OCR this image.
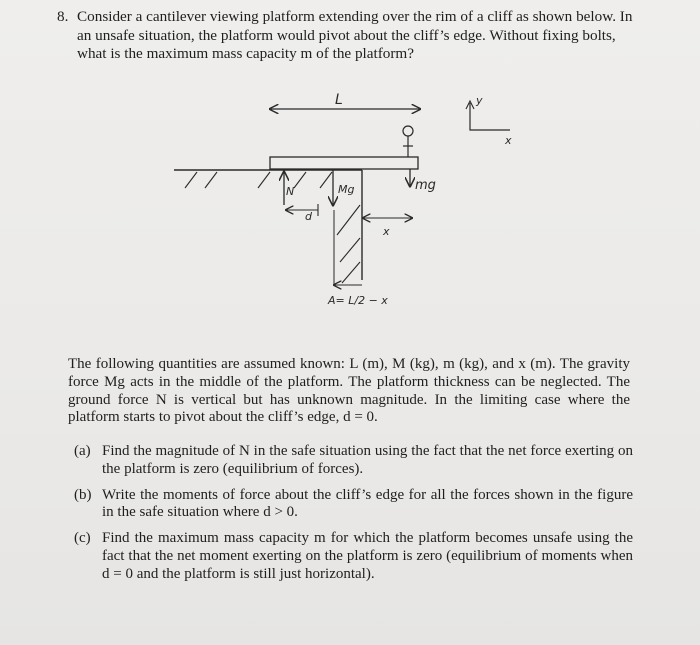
8. Consider a cantilever viewing platform extending over the rim of a cliff as shown below. In an unsafe situation, the platform would pivot about the cliff’s edge. Without fixing bolts, what is the maximum mass capacity m of the platform?
L	y
x
N	Mg	mg
d
x
A= L/2 − x
The following quantities are assumed known: L (m), M (kg), m (kg), and x (m). The gravity force Mg acts in the middle of the platform. The platform thickness can be neglected. The ground force N is vertical but has unknown magnitude. In the limiting case where the platform starts to pivot about the cliff’s edge, d = 0.
(a) Find the magnitude of N in the safe situation using the fact that the net force exerting on the platform is zero (equilibrium of forces).
(b) Write the moments of force about the cliff’s edge for all the forces shown in the figure in the safe situation where d > 0.
(c) Find the maximum mass capacity m for which the platform becomes unsafe using the fact that the net moment exerting on the platform is zero (equilibrium of moments when d = 0 and the platform is still just horizontal).
